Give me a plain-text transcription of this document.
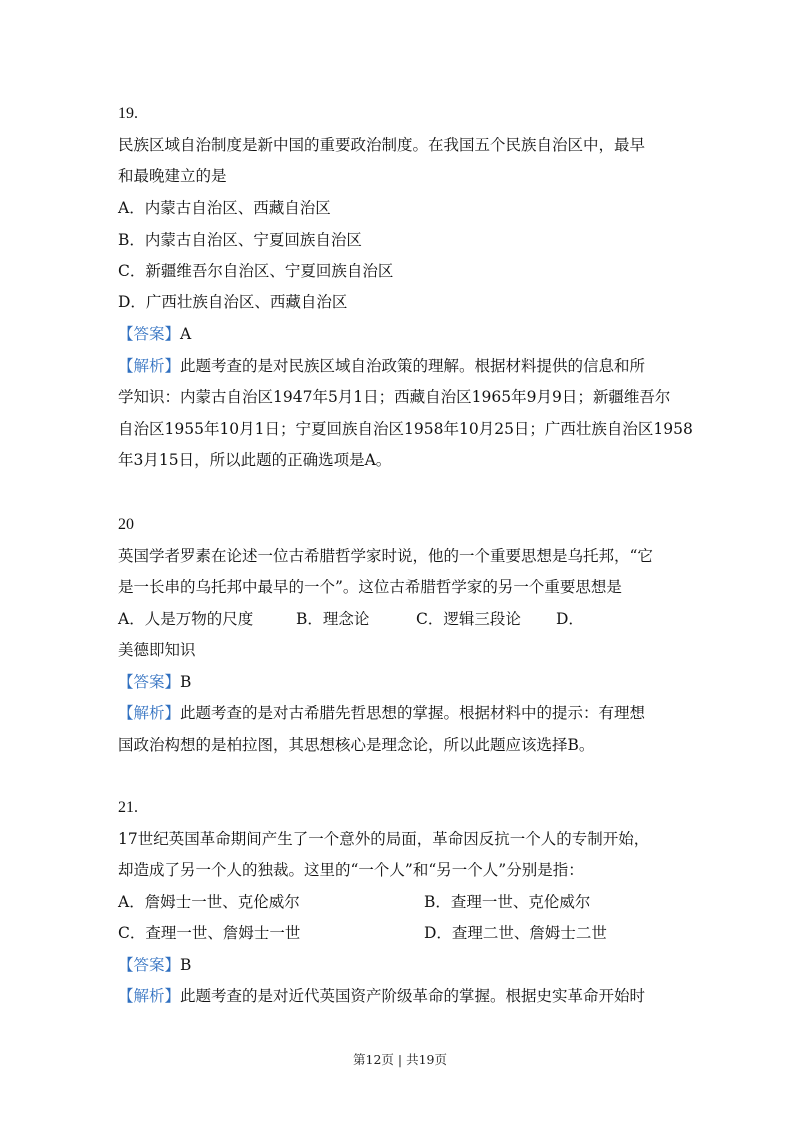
19.
民族区域自治制度是新中国的重要政治制度。在我国五个民族自治区中，最早
和最晚建立的是
A．内蒙古自治区、西藏自治区
B．内蒙古自治区、宁夏回族自治区
C．新疆维吾尔自治区、宁夏回族自治区
D．广西壮族自治区、西藏自治区
【答案】A
【解析】此题考查的是对民族区域自治政策的理解。根据材料提供的信息和所
学知识：内蒙古自治区1947年5月1日；西藏自治区1965年9月9日；新疆维吾尔
自治区1955年10月1日；宁夏回族自治区1958年10月25日；广西壮族自治区1958
年3月15日，所以此题的正确选项是A。
20
英国学者罗素在论述一位古希腊哲学家时说，他的一个重要思想是乌托邦，“它
是一长串的乌托邦中最早的一个”。这位古希腊哲学家的另一个重要思想是
A．人是万物的尺度	B．理念论	C．逻辑三段论 D．
美德即知识
【答案】B
【解析】此题考查的是对古希腊先哲思想的掌握。根据材料中的提示：有理想
国政治构想的是柏拉图，其思想核心是理念论，所以此题应该选择B。
21.
17世纪英国革命期间产生了一个意外的局面，革命因反抗一个人的专制开始，
却造成了另一个人的独裁。这里的“一个人”和“另一个人”分别是指：
A．詹姆士一世、克伦威尔	B．查理一世、克伦威尔
C．查理一世、詹姆士一世	D．查理二世、詹姆士二世
【答案】B
【解析】此题考查的是对近代英国资产阶级革命的掌握。根据史实革命开始时
第12页 | 共19页
